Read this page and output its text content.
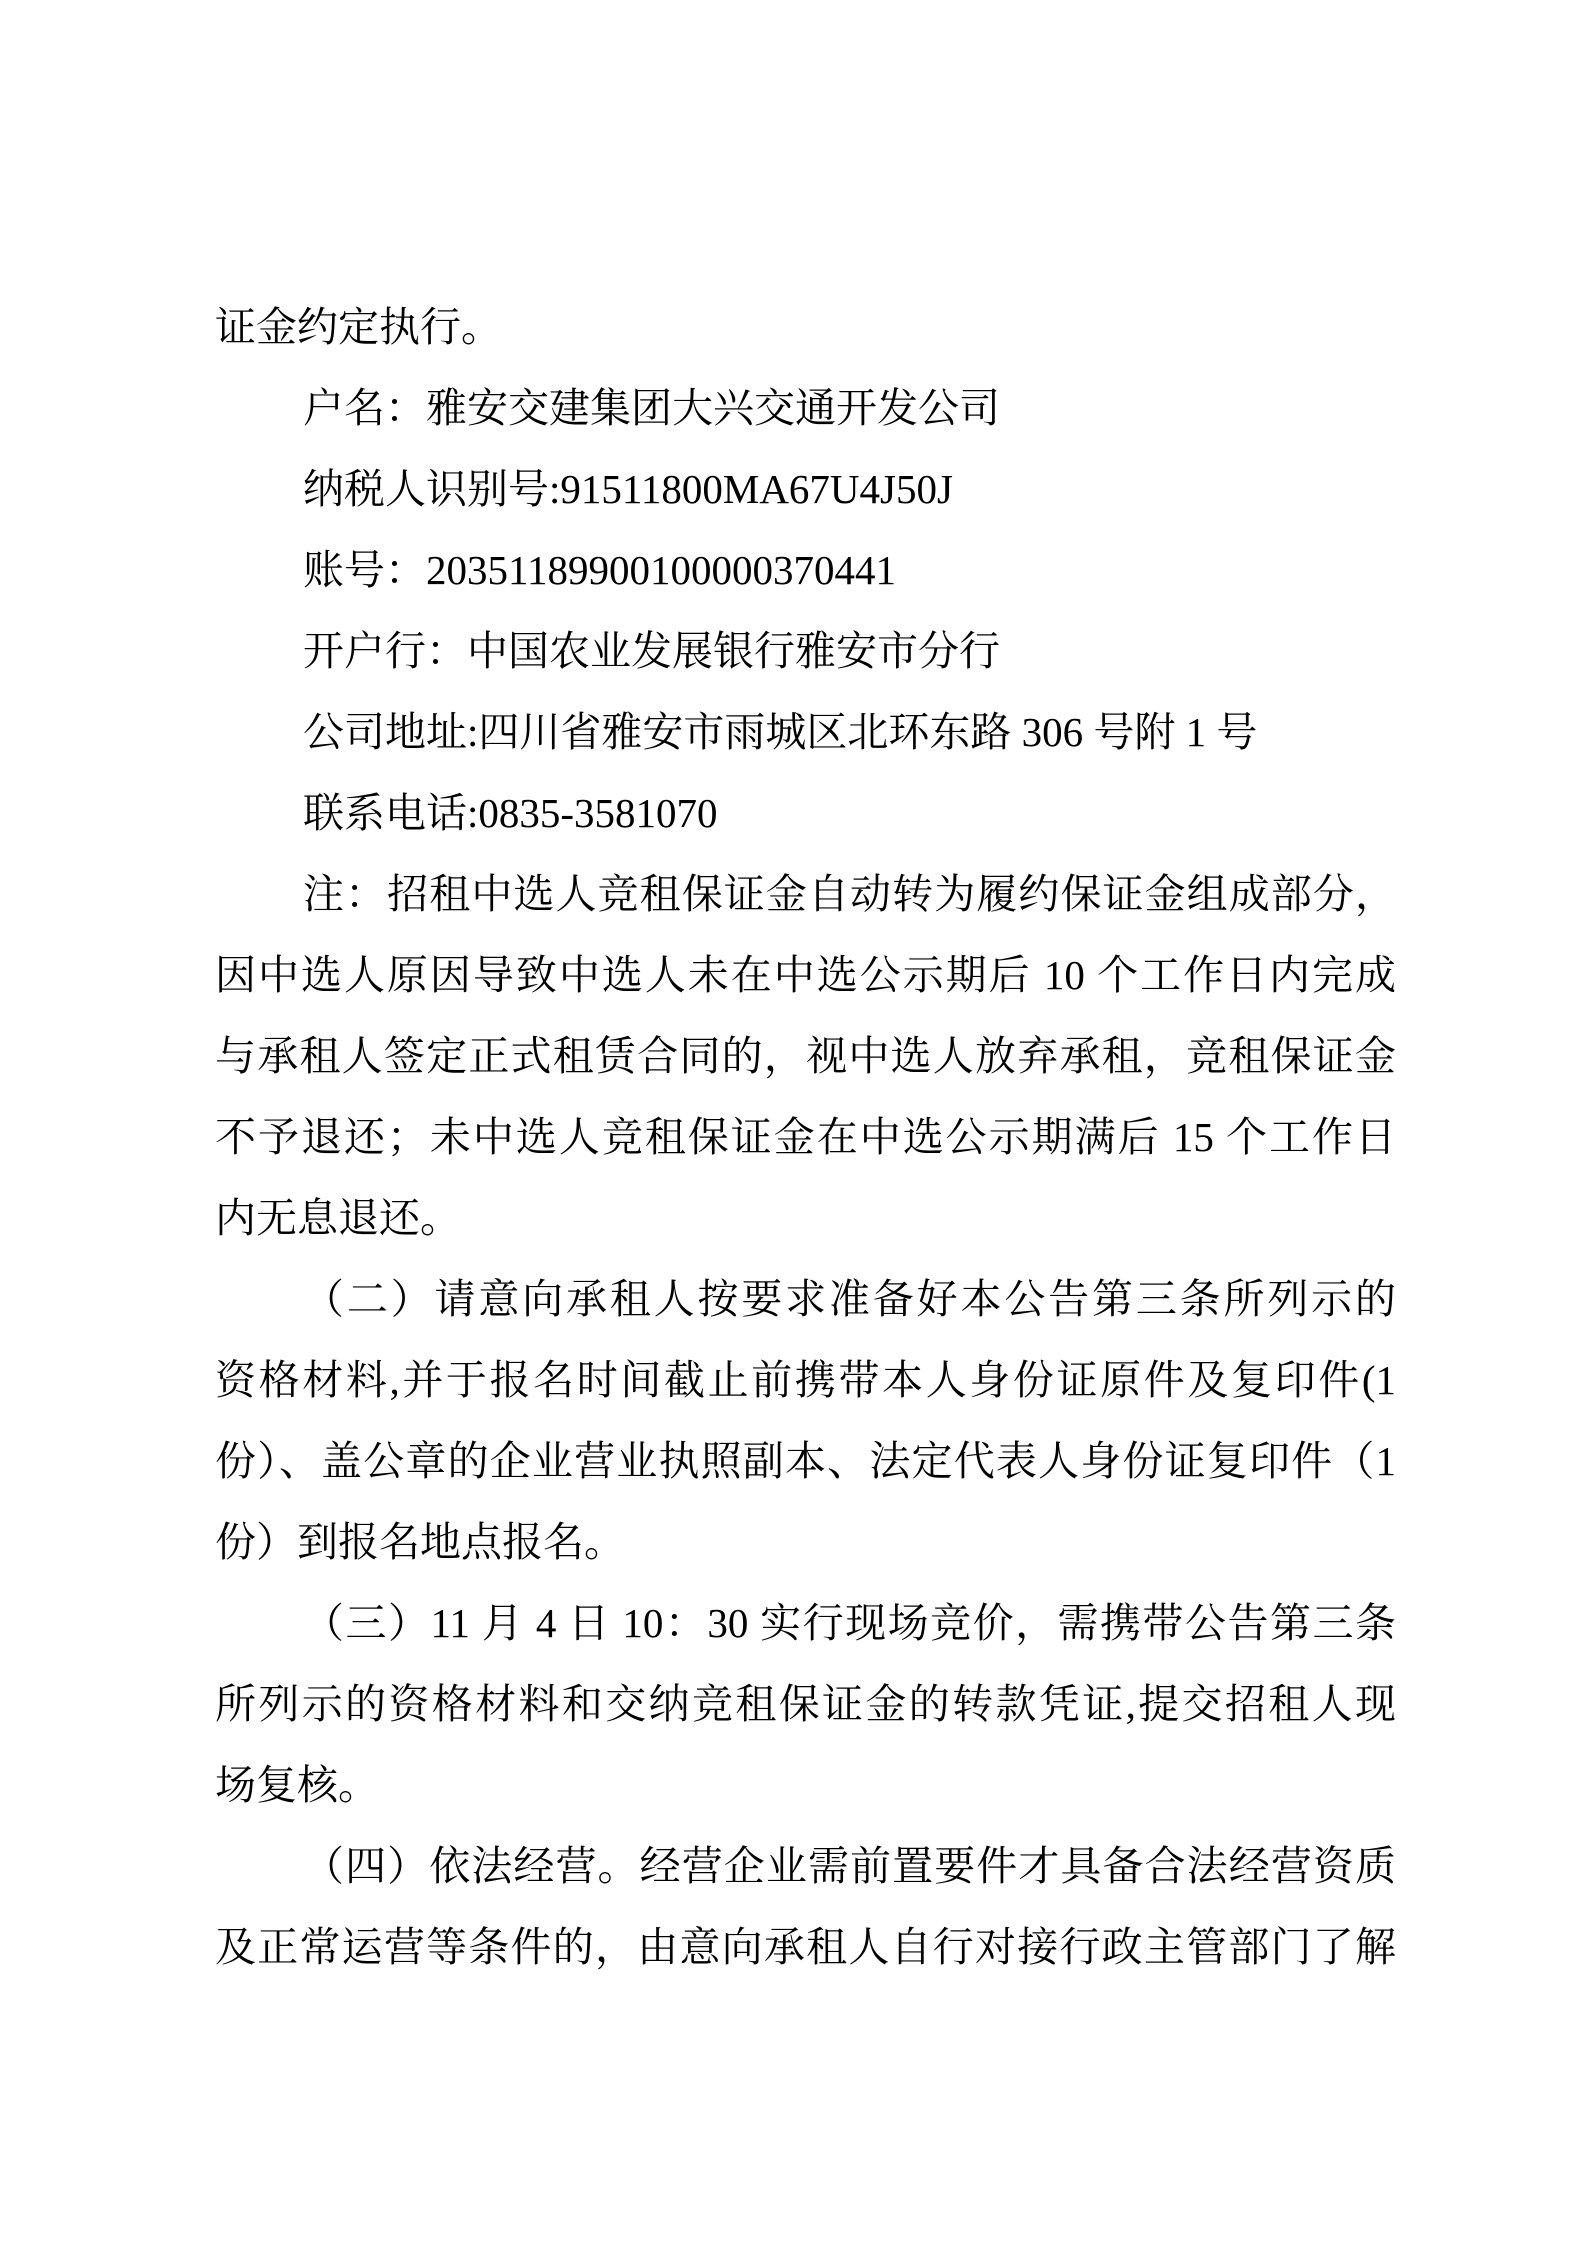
证金约定执行。
户名：雅安交建集团大兴交通开发公司
纳税人识别号:91511800MA67U4J50J
账号：20351189900100000370441
开户行：中国农业发展银行雅安市分行
公司地址:四川省雅安市雨城区北环东路 306 号附 1 号
联系电话:0835-3581070
注：招租中选人竞租保证金自动转为履约保证金组成部分，
因中选人原因导致中选人未在中选公示期后 10 个工作日内完成
与承租人签定正式租赁合同的，视中选人放弃承租，竞租保证金
不予退还；未中选人竞租保证金在中选公示期满后 15 个工作日
内无息退还。
（二）请意向承租人按要求准备好本公告第三条所列示的
资格材料,并于报名时间截止前携带本人身份证原件及复印件(1
份）、盖公章的企业营业执照副本、法定代表人身份证复印件（1
份）到报名地点报名。
（三）11 月 4 日 10：30 实行现场竞价，需携带公告第三条
所列示的资格材料和交纳竞租保证金的转款凭证,提交招租人现
场复核。
（四）依法经营。经营企业需前置要件才具备合法经营资质
及正常运营等条件的，由意向承租人自行对接行政主管部门了解
